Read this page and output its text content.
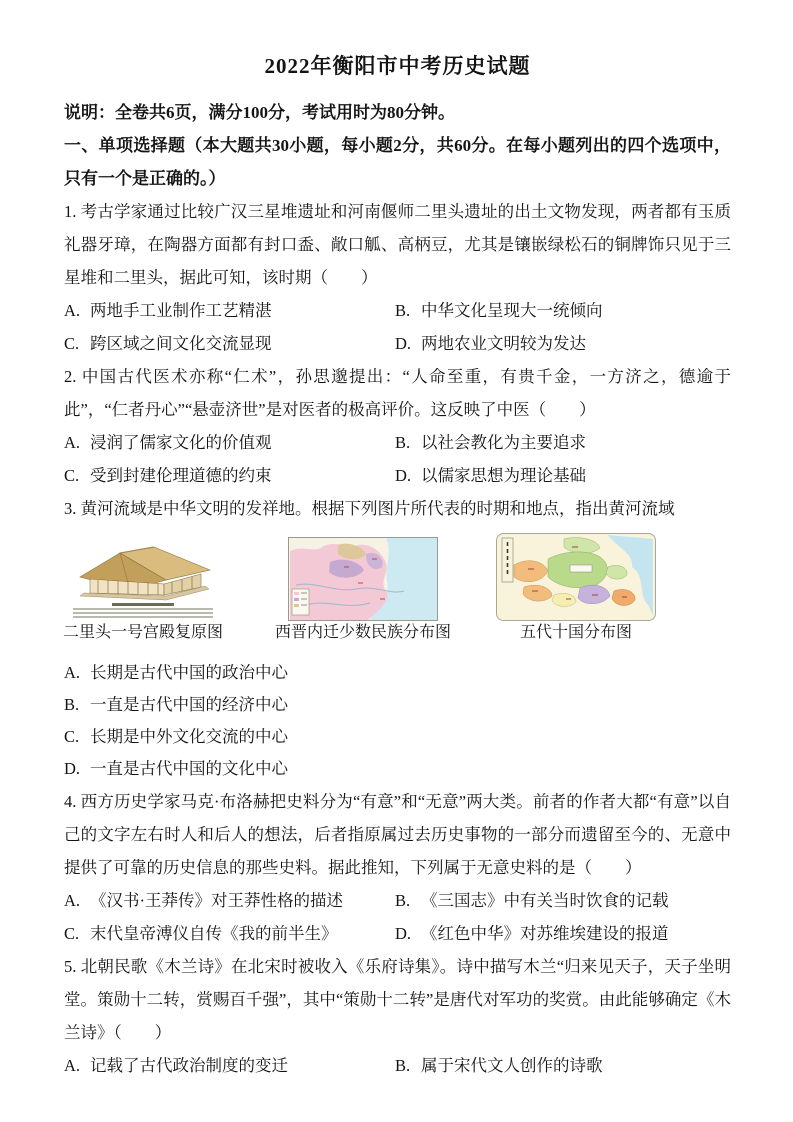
2022年衡阳市中考历史试题
说明：全卷共6页，满分100分，考试用时为80分钟。
一、单项选择题（本大题共30小题，每小题2分，共60分。在每小题列出的四个选项中，只有一个是正确的。）
1. 考古学家通过比较广汉三星堆遗址和河南偃师二里头遗址的出土文物发现，两者都有玉质礼器牙璋，在陶器方面都有封口盉、敞口觚、高柄豆，尤其是镶嵌绿松石的铜牌饰只见于三星堆和二里头，据此可知，该时期（　　）
A. 两地手工业制作工艺精湛	B. 中华文化呈现大一统倾向
C. 跨区域之间文化交流显现	D. 两地农业文明较为发达
2. 中国古代医术亦称“仁术”，孙思邈提出：“人命至重，有贵千金，一方济之，德逾于此”，“仁者丹心”“悬壶济世”是对医者的极高评价。这反映了中医（　　）
A. 浸润了儒家文化的价值观	B. 以社会教化为主要追求
C. 受到封建伦理道德的约束	D. 以儒家思想为理论基础
3. 黄河流域是中华文明的发祥地。根据下列图片所代表的时期和地点，指出黄河流域
二里头一号宫殿复原图	西晋内迁少数民族分布图	五代十国分布图
A. 长期是古代中国的政治中心
B. 一直是古代中国的经济中心
C. 长期是中外文化交流的中心
D. 一直是古代中国的文化中心
4. 西方历史学家马克·布洛赫把史料分为“有意”和“无意”两大类。前者的作者大都“有意”以自己的文字左右时人和后人的想法，后者指原属过去历史事物的一部分而遗留至今的、无意中提供了可靠的历史信息的那些史料。据此推知，下列属于无意史料的是（　　）
A. 《汉书·王莽传》对王莽性格的描述	B. 《三国志》中有关当时饮食的记载
C. 末代皇帝溥仪自传《我的前半生》	D. 《红色中华》对苏维埃建设的报道
5. 北朝民歌《木兰诗》在北宋时被收入《乐府诗集》。诗中描写木兰“归来见天子，天子坐明堂。策勋十二转，赏赐百千强”，其中“策勋十二转”是唐代对军功的奖赏。由此能够确定《木兰诗》（　　）
A. 记载了古代政治制度的变迁	B. 属于宋代文人创作的诗歌
